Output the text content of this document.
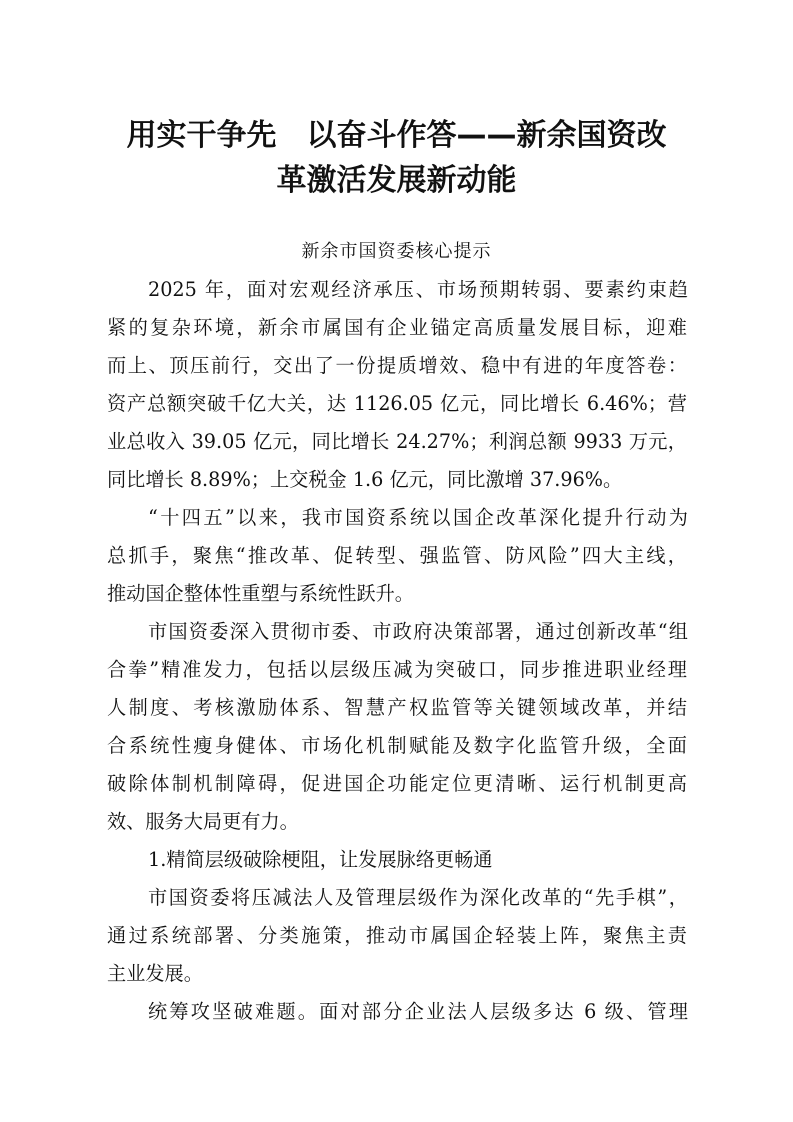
用实干争先　以奋斗作答——新余国资改
革激活发展新动能

新余市国资委核心提示

2025 年，面对宏观经济承压、市场预期转弱、要素约束趋

紧的复杂环境，新余市属国有企业锚定高质量发展目标，迎难

而上、顶压前行，交出了一份提质增效、稳中有进的年度答卷：

资产总额突破千亿大关，达 1126.05 亿元，同比增长 6.46%；营

业总收入 39.05 亿元，同比增长 24.27%；利润总额 9933 万元，

同比增长 8.89%；上交税金 1.6 亿元，同比激增 37.96%。

“十四五”以来，我市国资系统以国企改革深化提升行动为

总抓手，聚焦“推改革、促转型、强监管、防风险”四大主线，

推动国企整体性重塑与系统性跃升。

市国资委深入贯彻市委、市政府决策部署，通过创新改革“组

合拳”精准发力，包括以层级压减为突破口，同步推进职业经理

人制度、考核激励体系、智慧产权监管等关键领域改革，并结

合系统性瘦身健体、市场化机制赋能及数字化监管升级，全面

破除体制机制障碍，促进国企功能定位更清晰、运行机制更高

效、服务大局更有力。

1.精简层级破除梗阻，让发展脉络更畅通

市国资委将压减法人及管理层级作为深化改革的“先手棋”，

通过系统部署、分类施策，推动市属国企轻装上阵，聚焦主责

主业发展。

统筹攻坚破难题。面对部分企业法人层级多达 6 级、管理
